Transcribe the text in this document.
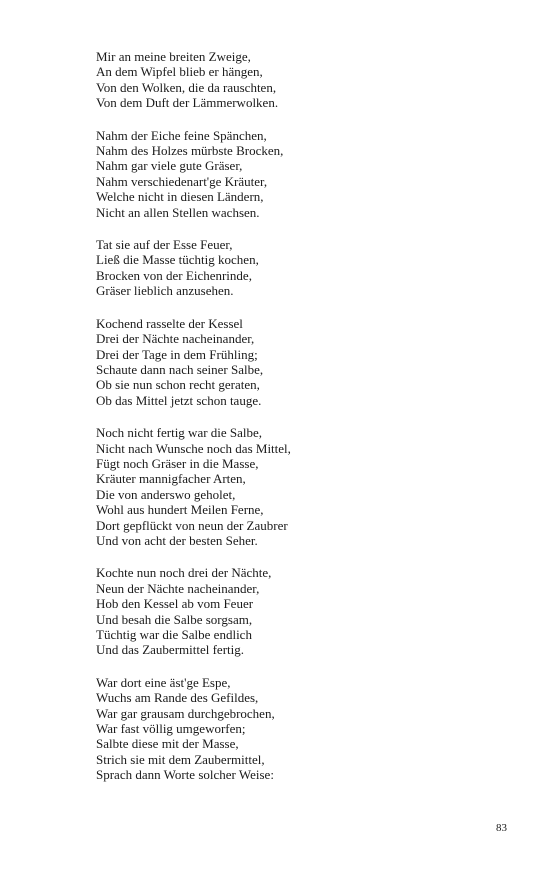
Mir an meine breiten Zweige,
An dem Wipfel blieb er hängen,
Von den Wolken, die da rauschten,
Von dem Duft der Lämmerwolken.
Nahm der Eiche feine Spänchen,
Nahm des Holzes mürbste Brocken,
Nahm gar viele gute Gräser,
Nahm verschiedenart'ge Kräuter,
Welche nicht in diesen Ländern,
Nicht an allen Stellen wachsen.
Tat sie auf der Esse Feuer,
Ließ die Masse tüchtig kochen,
Brocken von der Eichenrinde,
Gräser lieblich anzusehen.
Kochend rasselte der Kessel
Drei der Nächte nacheinander,
Drei der Tage in dem Frühling;
Schaute dann nach seiner Salbe,
Ob sie nun schon recht geraten,
Ob das Mittel jetzt schon tauge.
Noch nicht fertig war die Salbe,
Nicht nach Wunsche noch das Mittel,
Fügt noch Gräser in die Masse,
Kräuter mannigfacher Arten,
Die von anderswo geholet,
Wohl aus hundert Meilen Ferne,
Dort gepflückt von neun der Zaubrer
Und von acht der besten Seher.
Kochte nun noch drei der Nächte,
Neun der Nächte nacheinander,
Hob den Kessel ab vom Feuer
Und besah die Salbe sorgsam,
Tüchtig war die Salbe endlich
Und das Zaubermittel fertig.
War dort eine äst'ge Espe,
Wuchs am Rande des Gefildes,
War gar grausam durchgebrochen,
War fast völlig umgeworfen;
Salbte diese mit der Masse,
Strich sie mit dem Zaubermittel,
Sprach dann Worte solcher Weise:
83
